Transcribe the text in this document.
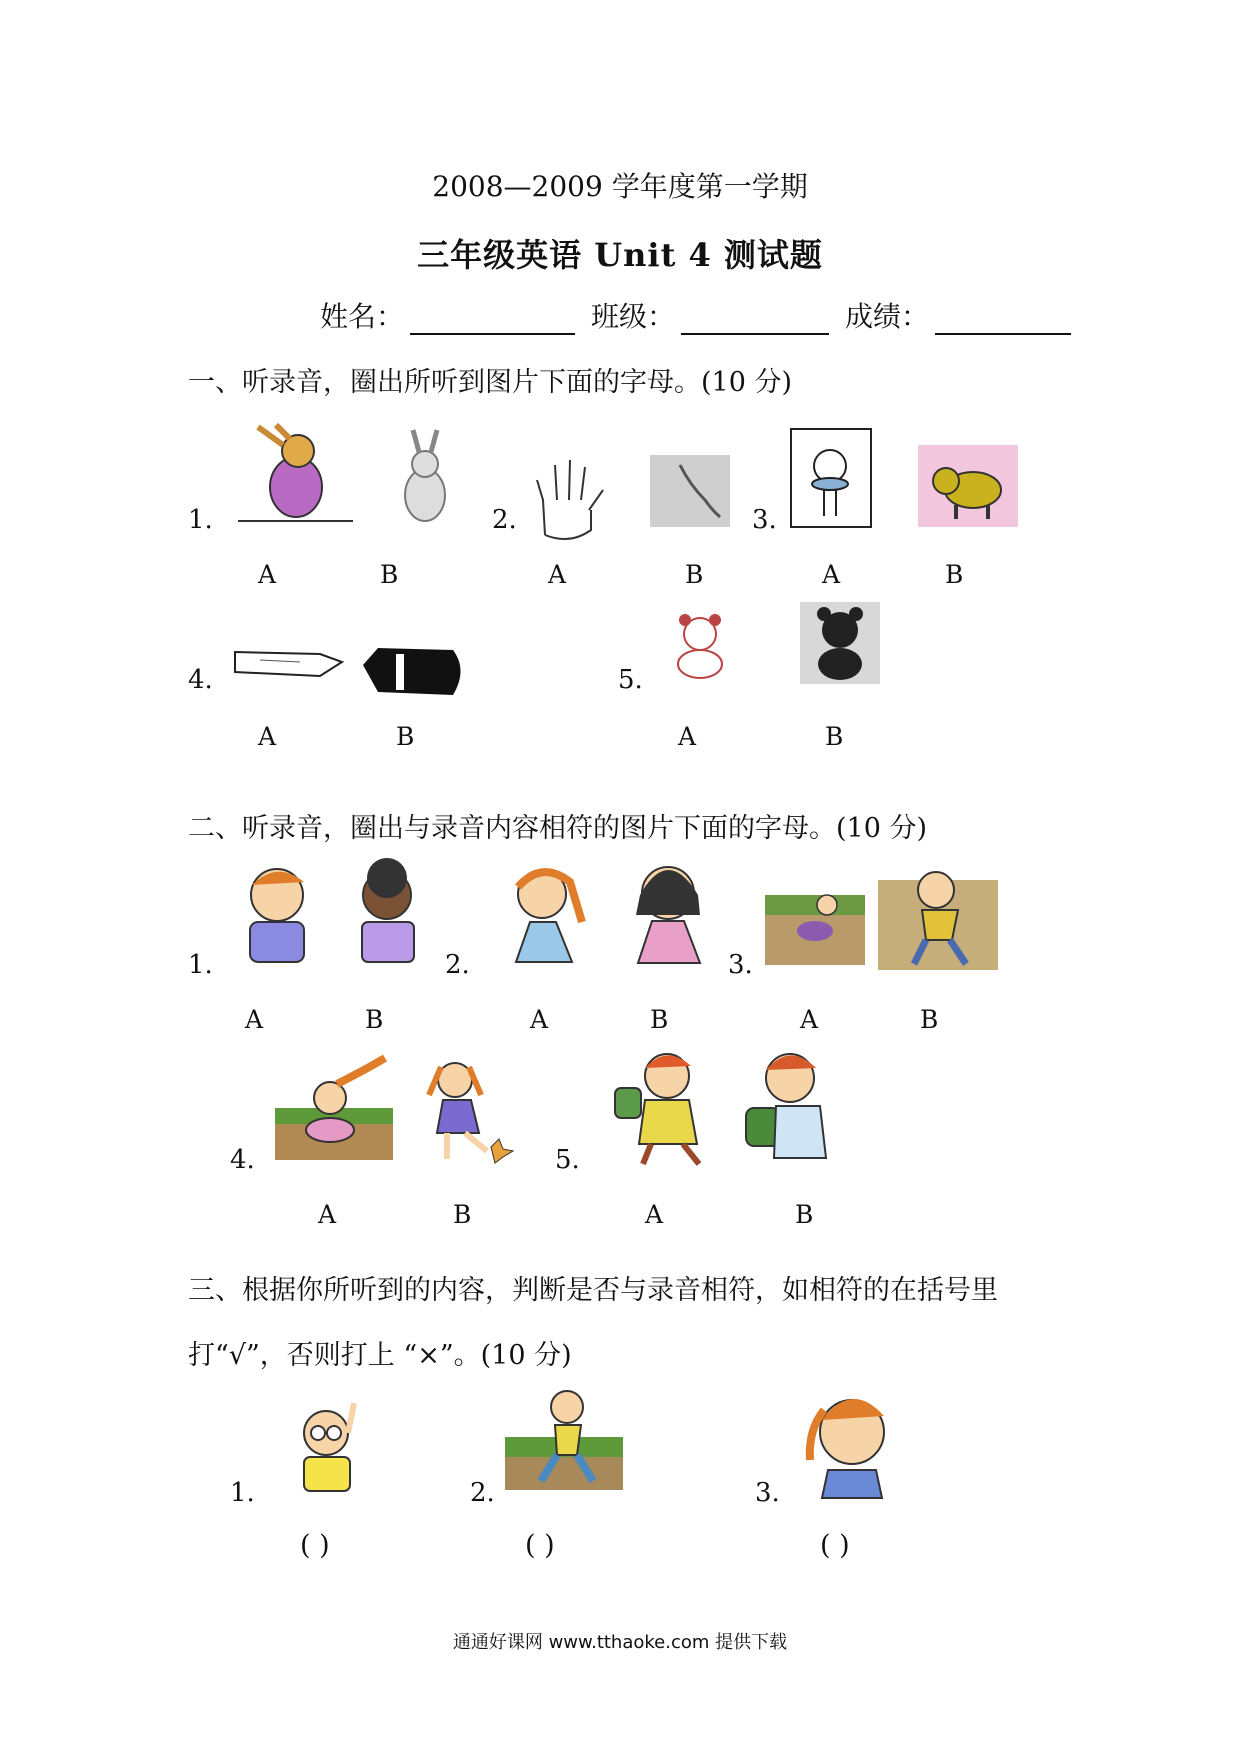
2008—2009 学年度第一学期
三年级英语 Unit 4 测试题
姓名：	班级：	成绩：
一、听录音，圈出所听到图片下面的字母。(10 分)
1.
A	B
2.
A	B
3.
A	B
4.
A	B
5.
A	B
二、听录音，圈出与录音内容相符的图片下面的字母。(10 分)
1.
A	B
2.
A	B
3.
A	B
4.
A	B
5.
A	B
三、根据你所听到的内容，判断是否与录音相符，如相符的在括号里
打“√”，否则打上 “×”。(10 分)
1.
( )
2.
( )
3.
( )
通通好课网 www.tthaoke.com 提供下载
